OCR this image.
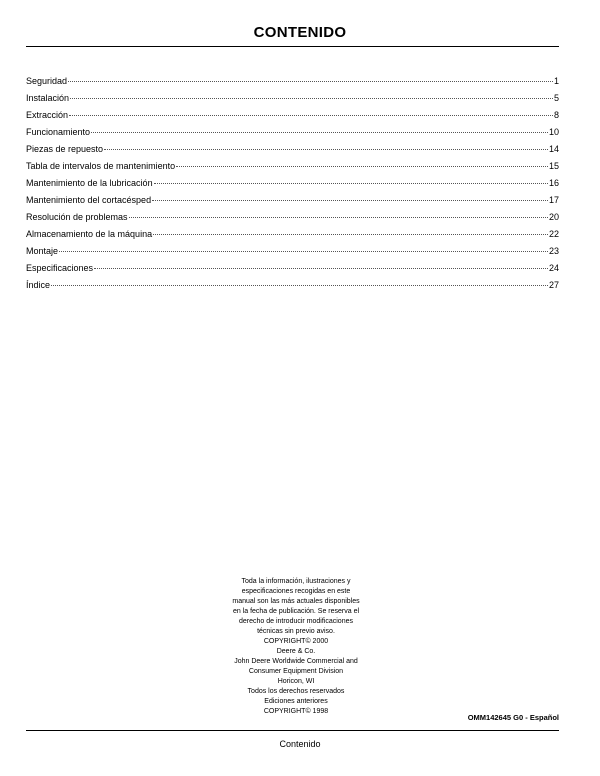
CONTENIDO
Seguridad	1
Instalación	5
Extracción	8
Funcionamiento	10
Piezas de repuesto	14
Tabla de intervalos de mantenimiento	15
Mantenimiento de la lubricación	16
Mantenimiento del cortacésped	17
Resolución de problemas	20
Almacenamiento de la máquina	22
Montaje	23
Especificaciones	24
Índice	27
Toda la información, ilustraciones y
especificaciones recogidas en este
manual son las más actuales disponibles
en la fecha de publicación. Se reserva el
derecho de introducir modificaciones
técnicas sin previo aviso.
COPYRIGHT© 2000
Deere & Co.
John Deere Worldwide Commercial and
Consumer Equipment Division
Horicon, WI
Todos los derechos reservados
Ediciones anteriores
COPYRIGHT© 1998
OMM142645 G0 - Español
Contenido
